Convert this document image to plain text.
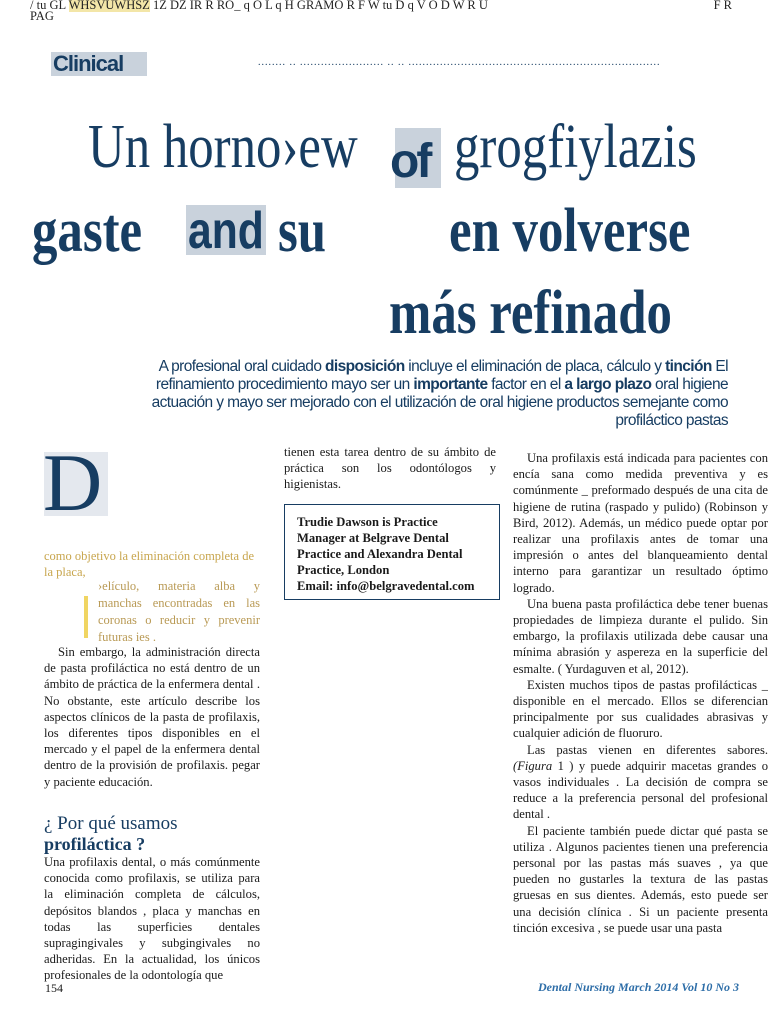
/ tu GL WHSVUWHSZ 1Z DZ IR R RO_ q O L q H GRAMO R F W tu D q V O D W R U
PAG
F R
Clinical	........ .. ........................ .. .. ........................................................................
Un horno›ew of grogfiylazis
gaste and su en volverse
más refinado
A profesional oral cuidado disposición incluye el eliminación de placa, cálculo y tinción El
refinamiento procedimiento mayo ser un importante factor en el a largo plazo oral higiene
actuación y mayo ser mejorado con el utilización de oral higiene productos semejante como
profiláctico pastas
D
como objetivo la eliminación completa de la placa,
›elículo, materia alba y manchas encontradas en las coronas o reducir y prevenir futuras ies .

Sin embargo, la administración directa de pasta profiláctica no está dentro de un ámbito de práctica de la enfermera dental . No obstante, este artículo describe los aspectos clínicos de la pasta de profilaxis, los diferentes tipos disponibles en el mercado y el papel de la enfermera dental dentro de la provisión de profilaxis. pegar y paciente educación.

¿ Por qué usamos
profiláctica ?

Una profilaxis dental, o más comúnmente conocida como profilaxis, se utiliza para la eliminación completa de cálculos, depósitos blandos , placa y manchas en todas las superficies dentales supragingivales y subgingivales no adheridas. En la actualidad, los únicos profesionales de la odontología que

tienen esta tarea dentro de su ámbito de práctica son los odontólogos y higienistas.

Trudie Dawson is Practice Manager at Belgrave Dental Practice and Alexandra Dental Practice, London
Email: info@belgravedental.com

Una profilaxis está indicada para pacientes con encía sana como medida preventiva y es comúnmente _ preformado después de una cita de higiene de rutina (raspado y pulido) (Robinson y Bird, 2012). Además, un médico puede optar por realizar una profilaxis antes de tomar una impresión o antes del blanqueamiento dental interno para garantizar un resultado óptimo logrado.

Una buena pasta profiláctica debe tener buenas propiedades de limpieza durante el pulido. Sin embargo, la profilaxis utilizada debe causar una mínima abrasión y aspereza en la superficie del esmalte. ( Yurdaguven et al, 2012).

Existen muchos tipos de pastas profilácticas _ disponible en el mercado. Ellos se diferencian principalmente por sus cualidades abrasivas y cualquier adición de fluoruro.

Las pastas vienen en diferentes sabores. (Figura 1 ) y puede adquirir macetas grandes o vasos individuales . La decisión de compra se reduce a la preferencia personal del profesional dental .

El paciente también puede dictar qué pasta se utiliza . Algunos pacientes tienen una preferencia personal por las pastas más suaves , ya que pueden no gustarles la textura de las pastas gruesas en sus dientes. Además, esto puede ser una decisión clínica . Si un paciente presenta tinción excesiva , se puede usar una pasta

154	Dental Nursing March 2014 Vol 10 No 3
